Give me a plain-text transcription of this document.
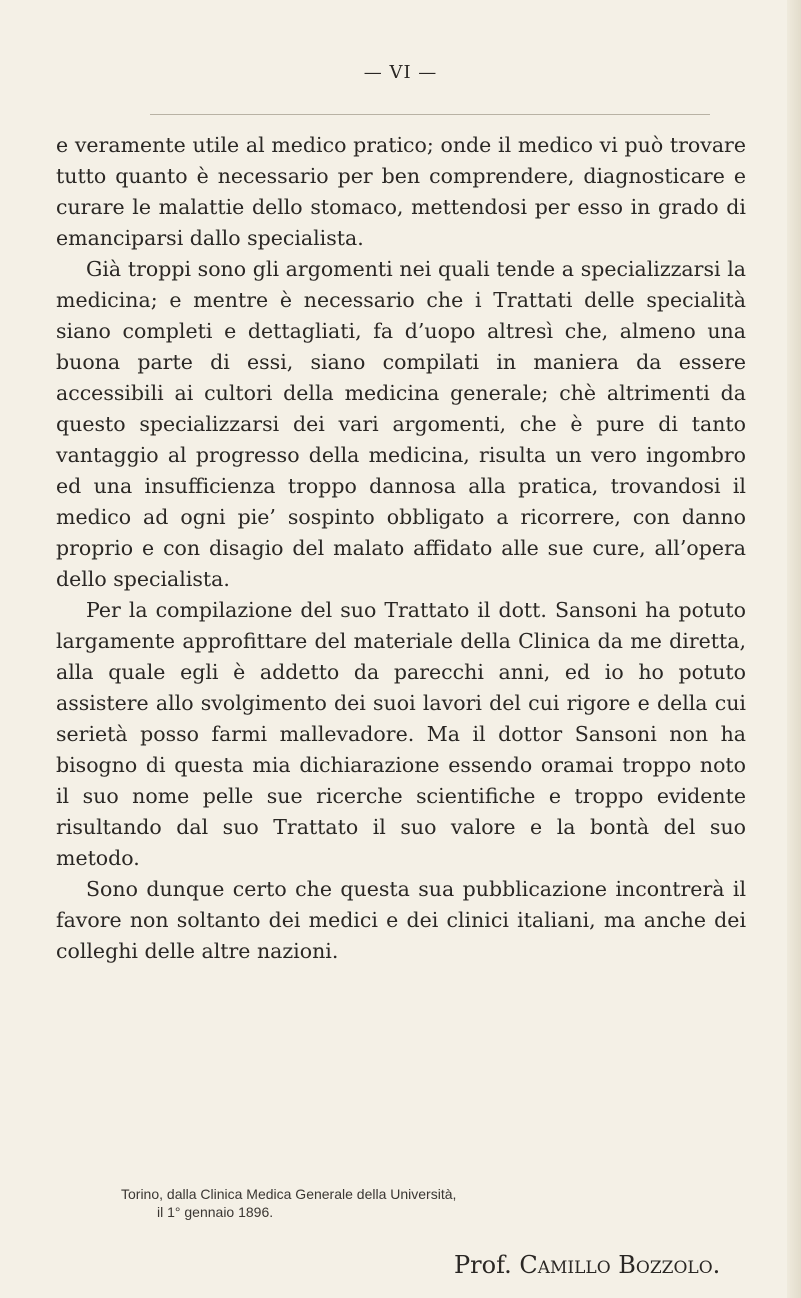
— VI —

e veramente utile al medico pratico; onde il medico vi può trovare tutto quanto è necessario per ben comprendere, diagnosticare e curare le malattie dello stomaco, mettendosi per esso in grado di emanciparsi dallo specialista.

Già troppi sono gli argomenti nei quali tende a specializzarsi la medicina; e mentre è necessario che i Trattati delle specialità siano completi e dettagliati, fa d’uopo altresì che, almeno una buona parte di essi, siano compilati in maniera da essere accessibili ai cultori della medicina generale; chè altrimenti da questo specializzarsi dei vari argomenti, che è pure di tanto vantaggio al progresso della medicina, risulta un vero ingombro ed una insufficienza troppo dannosa alla pratica, trovandosi il medico ad ogni pie’ sospinto obbligato a ricorrere, con danno proprio e con disagio del malato affidato alle sue cure, all’opera dello specialista.

Per la compilazione del suo Trattato il dott. Sansoni ha potuto largamente approfittare del materiale della Clinica da me diretta, alla quale egli è addetto da parecchi anni, ed io ho potuto assistere allo svolgimento dei suoi lavori del cui rigore e della cui serietà posso farmi mallevadore. Ma il dottor Sansoni non ha bisogno di questa mia dichiarazione essendo oramai troppo noto il suo nome pelle sue ricerche scientifiche e troppo evidente risultando dal suo Trattato il suo valore e la bontà del suo metodo.

Sono dunque certo che questa sua pubblicazione incontrerà il favore non soltanto dei medici e dei clinici italiani, ma anche dei colleghi delle altre nazioni.

Torino, dalla Clinica Medica Generale della Università,
il 1° gennaio 1896.
Prof. Camillo Bozzolo.
